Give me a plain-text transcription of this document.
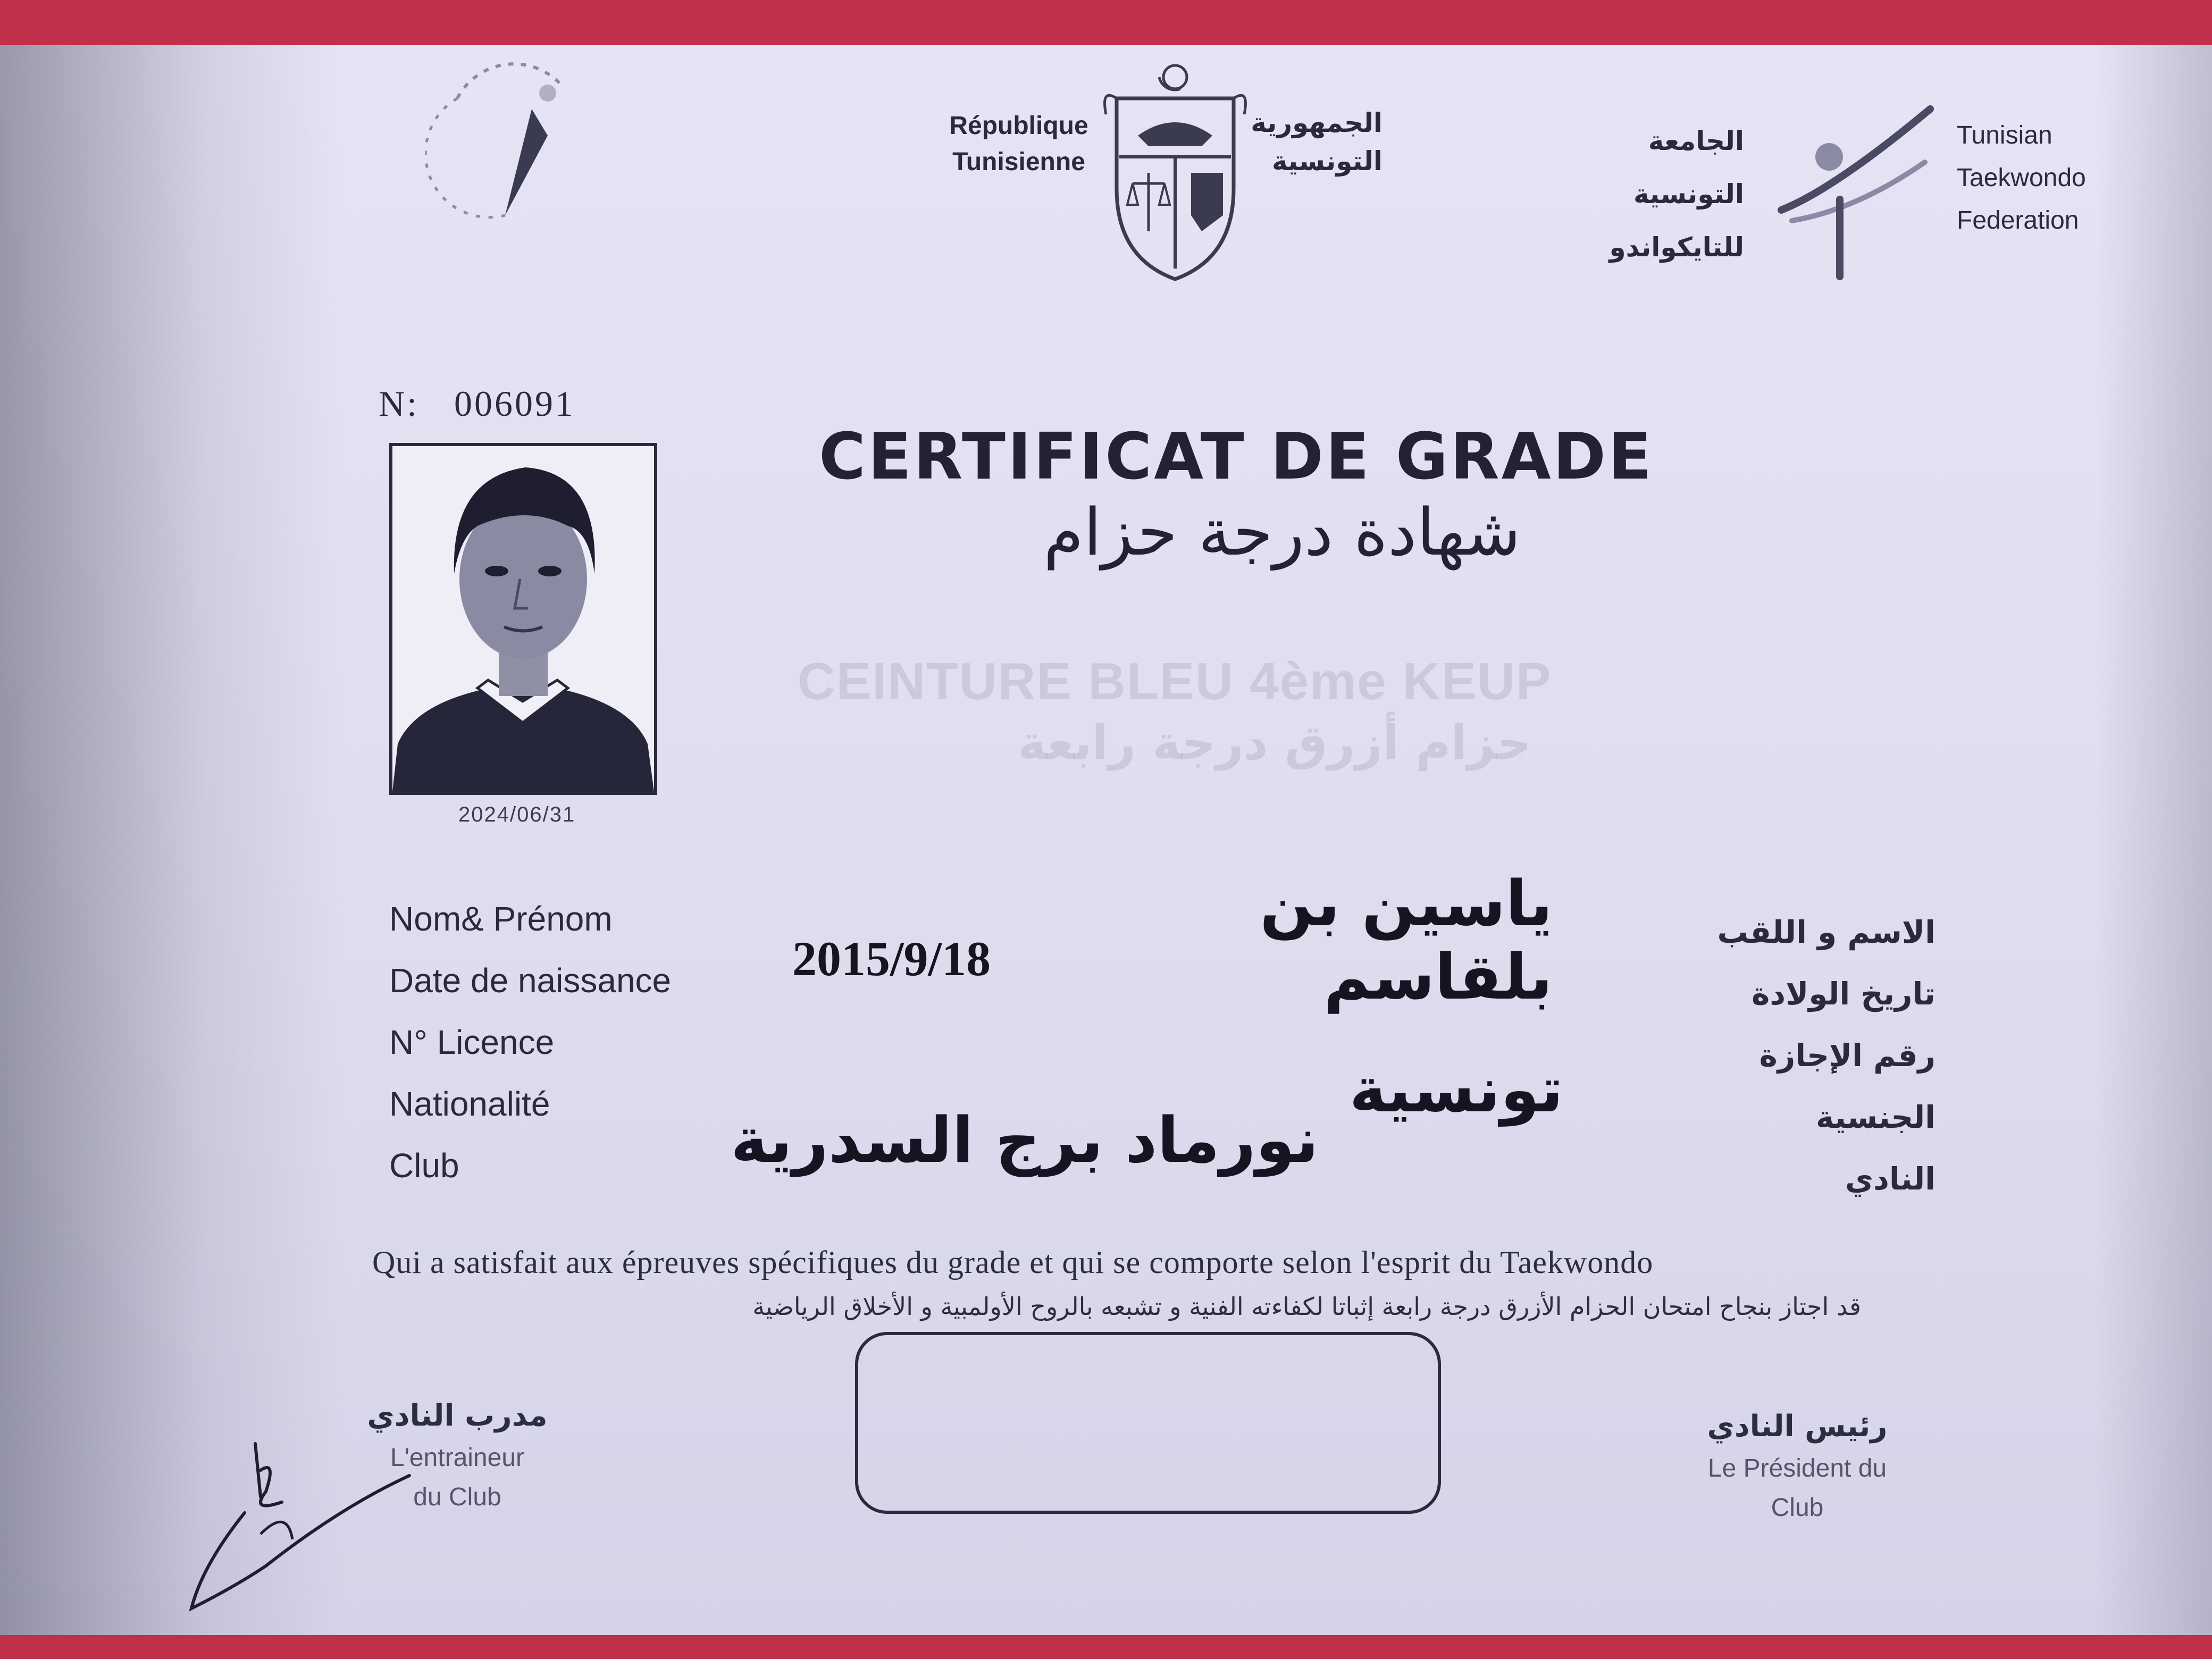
République
Tunisienne
الجمهورية
التونسية
الجامعة
التونسية
للتايكواندو
Tunisian
Taekwondo
Federation
N: 006091
2024/06/31
CERTIFICAT DE GRADE
شهادة درجة حزام
CEINTURE BLEU 4ème KEUP
حزام أزرق درجة رابعة
Nom& Prénom
Date de naissance
N° Licence
Nationalité
Club
الاسم و اللقب
تاريخ الولادة
رقم الإجازة
الجنسية
النادي
ياسين بن بلقاسم
2015/9/18
تونسية
نورماد برج السدرية
Qui a satisfait aux épreuves spécifiques du grade et qui se comporte selon l'esprit du Taekwondo
قد اجتاز بنجاح امتحان الحزام الأزرق درجة رابعة إثباتا لكفاءته الفنية و تشبعه بالروح الأولمبية و الأخلاق الرياضية
مدرب النادي
L'entraineur
du Club
رئيس النادي
Le Président du
Club
